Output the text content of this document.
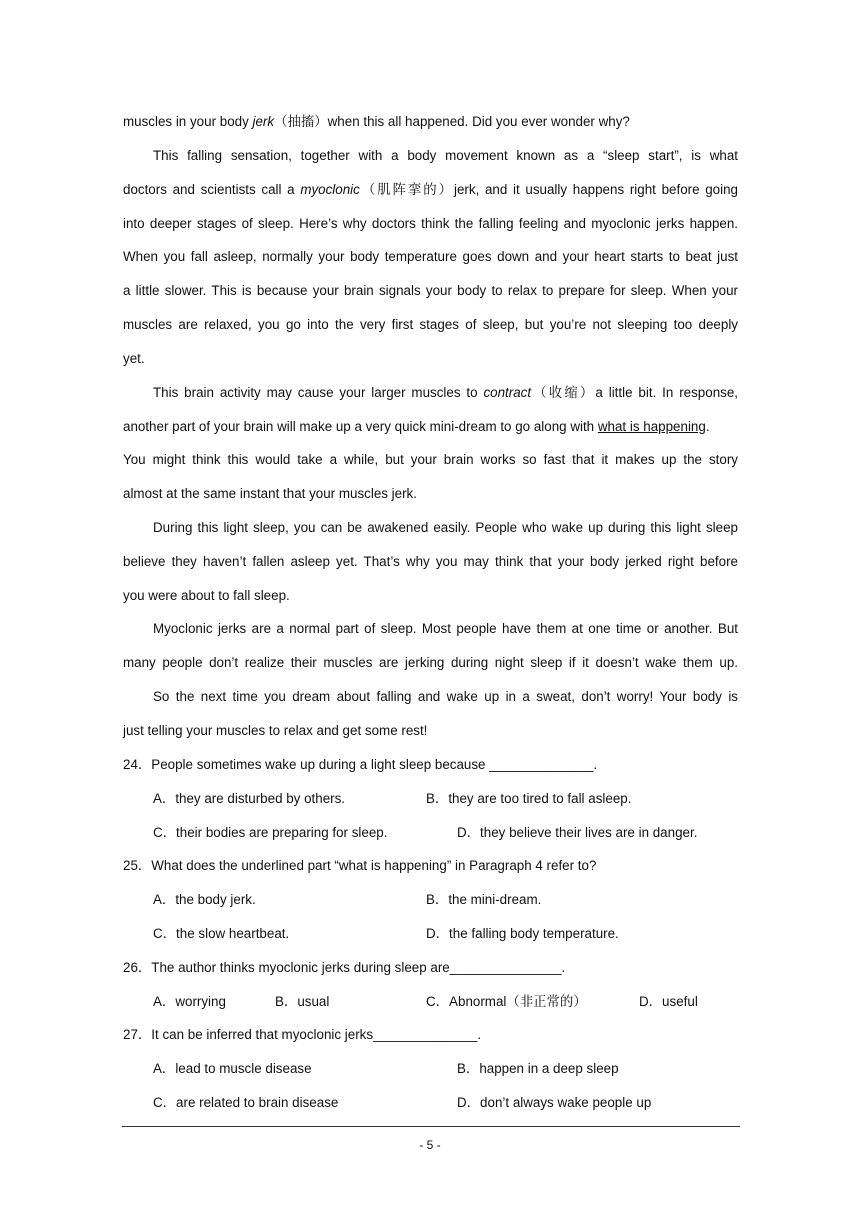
muscles in your body jerk（抽搐）when this all happened. Did you ever wonder why?
This falling sensation, together with a body movement known as a “sleep start”, is what
doctors and scientists call a myoclonic（肌阵挛的）jerk, and it usually happens right before going
into deeper stages of sleep. Here’s why doctors think the falling feeling and myoclonic jerks happen.
When you fall asleep, normally your body temperature goes down and your heart starts to beat just
a little slower. This is because your brain signals your body to relax to prepare for sleep. When your
muscles are relaxed, you go into the very first stages of sleep, but you’re not sleeping too deeply
yet.
This brain activity may cause your larger muscles to contract（收缩）a little bit. In response,
another part of your brain will make up a very quick mini-dream to go along with what is happening.
You might think this would take a while, but your brain works so fast that it makes up the story
almost at the same instant that your muscles jerk.
During this light sleep, you can be awakened easily. People who wake up during this light sleep
believe they haven’t fallen asleep yet. That’s why you may think that your body jerked right before
you were about to fall sleep.
Myoclonic jerks are a normal part of sleep. Most people have them at one time or another. But
many people don’t realize their muscles are jerking during night sleep if it doesn’t wake them up.
So the next time you dream about falling and wake up in a sweat, don’t worry! Your body is
just telling your muscles to relax and get some rest!
24．People sometimes wake up during a light sleep because ______________.
A．they are disturbed by others.	B．they are too tired to fall asleep.
C．their bodies are preparing for sleep.	D．they believe their lives are in danger.
25．What does the underlined part “what is happening” in Paragraph 4 refer to?
A．the body jerk.	B．the mini-dream.
C．the slow heartbeat.	D．the falling body temperature.
26．The author thinks myoclonic jerks during sleep are_______________.
A．worrying	B．usual	C．Abnormal（非正常的）	D．useful
27．It can be inferred that myoclonic jerks______________.
A．lead to muscle disease	B．happen in a deep sleep
C．are related to brain disease	D．don’t always wake people up
- 5 -
